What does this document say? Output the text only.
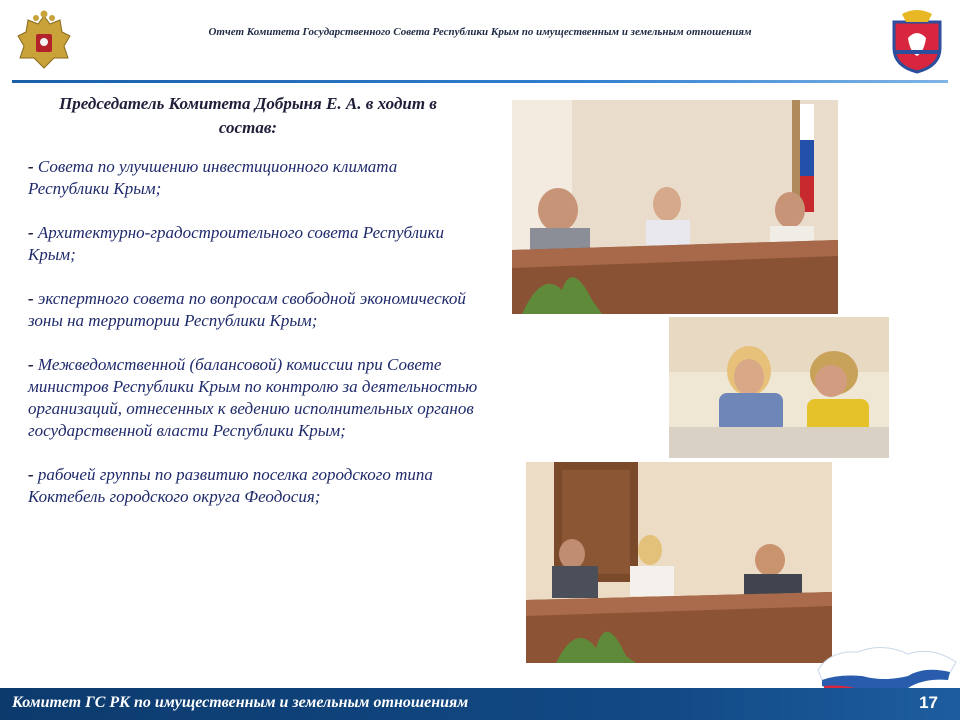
Отчет Комитета Государственного Совета Республики Крым по имущественным и земельным отношениям
Председатель Комитета Добрыня Е. А. в ходит в состав:
- Совета по улучшению инвестиционного климата Республики Крым;
- Архитектурно-градостроительного совета Республики Крым;
- экспертного совета по вопросам свободной экономической зоны на территории Республики Крым;
- Межведомственной (балансовой) комиссии при Совете министров Республики Крым по контролю за деятельностью организаций, отнесенных к ведению исполнительных органов государственной власти Республики Крым;
- рабочей группы по развитию поселка городского типа Коктебель городского округа Феодосия;
Комитет ГС РК по имущественным и земельным отношениям	17
